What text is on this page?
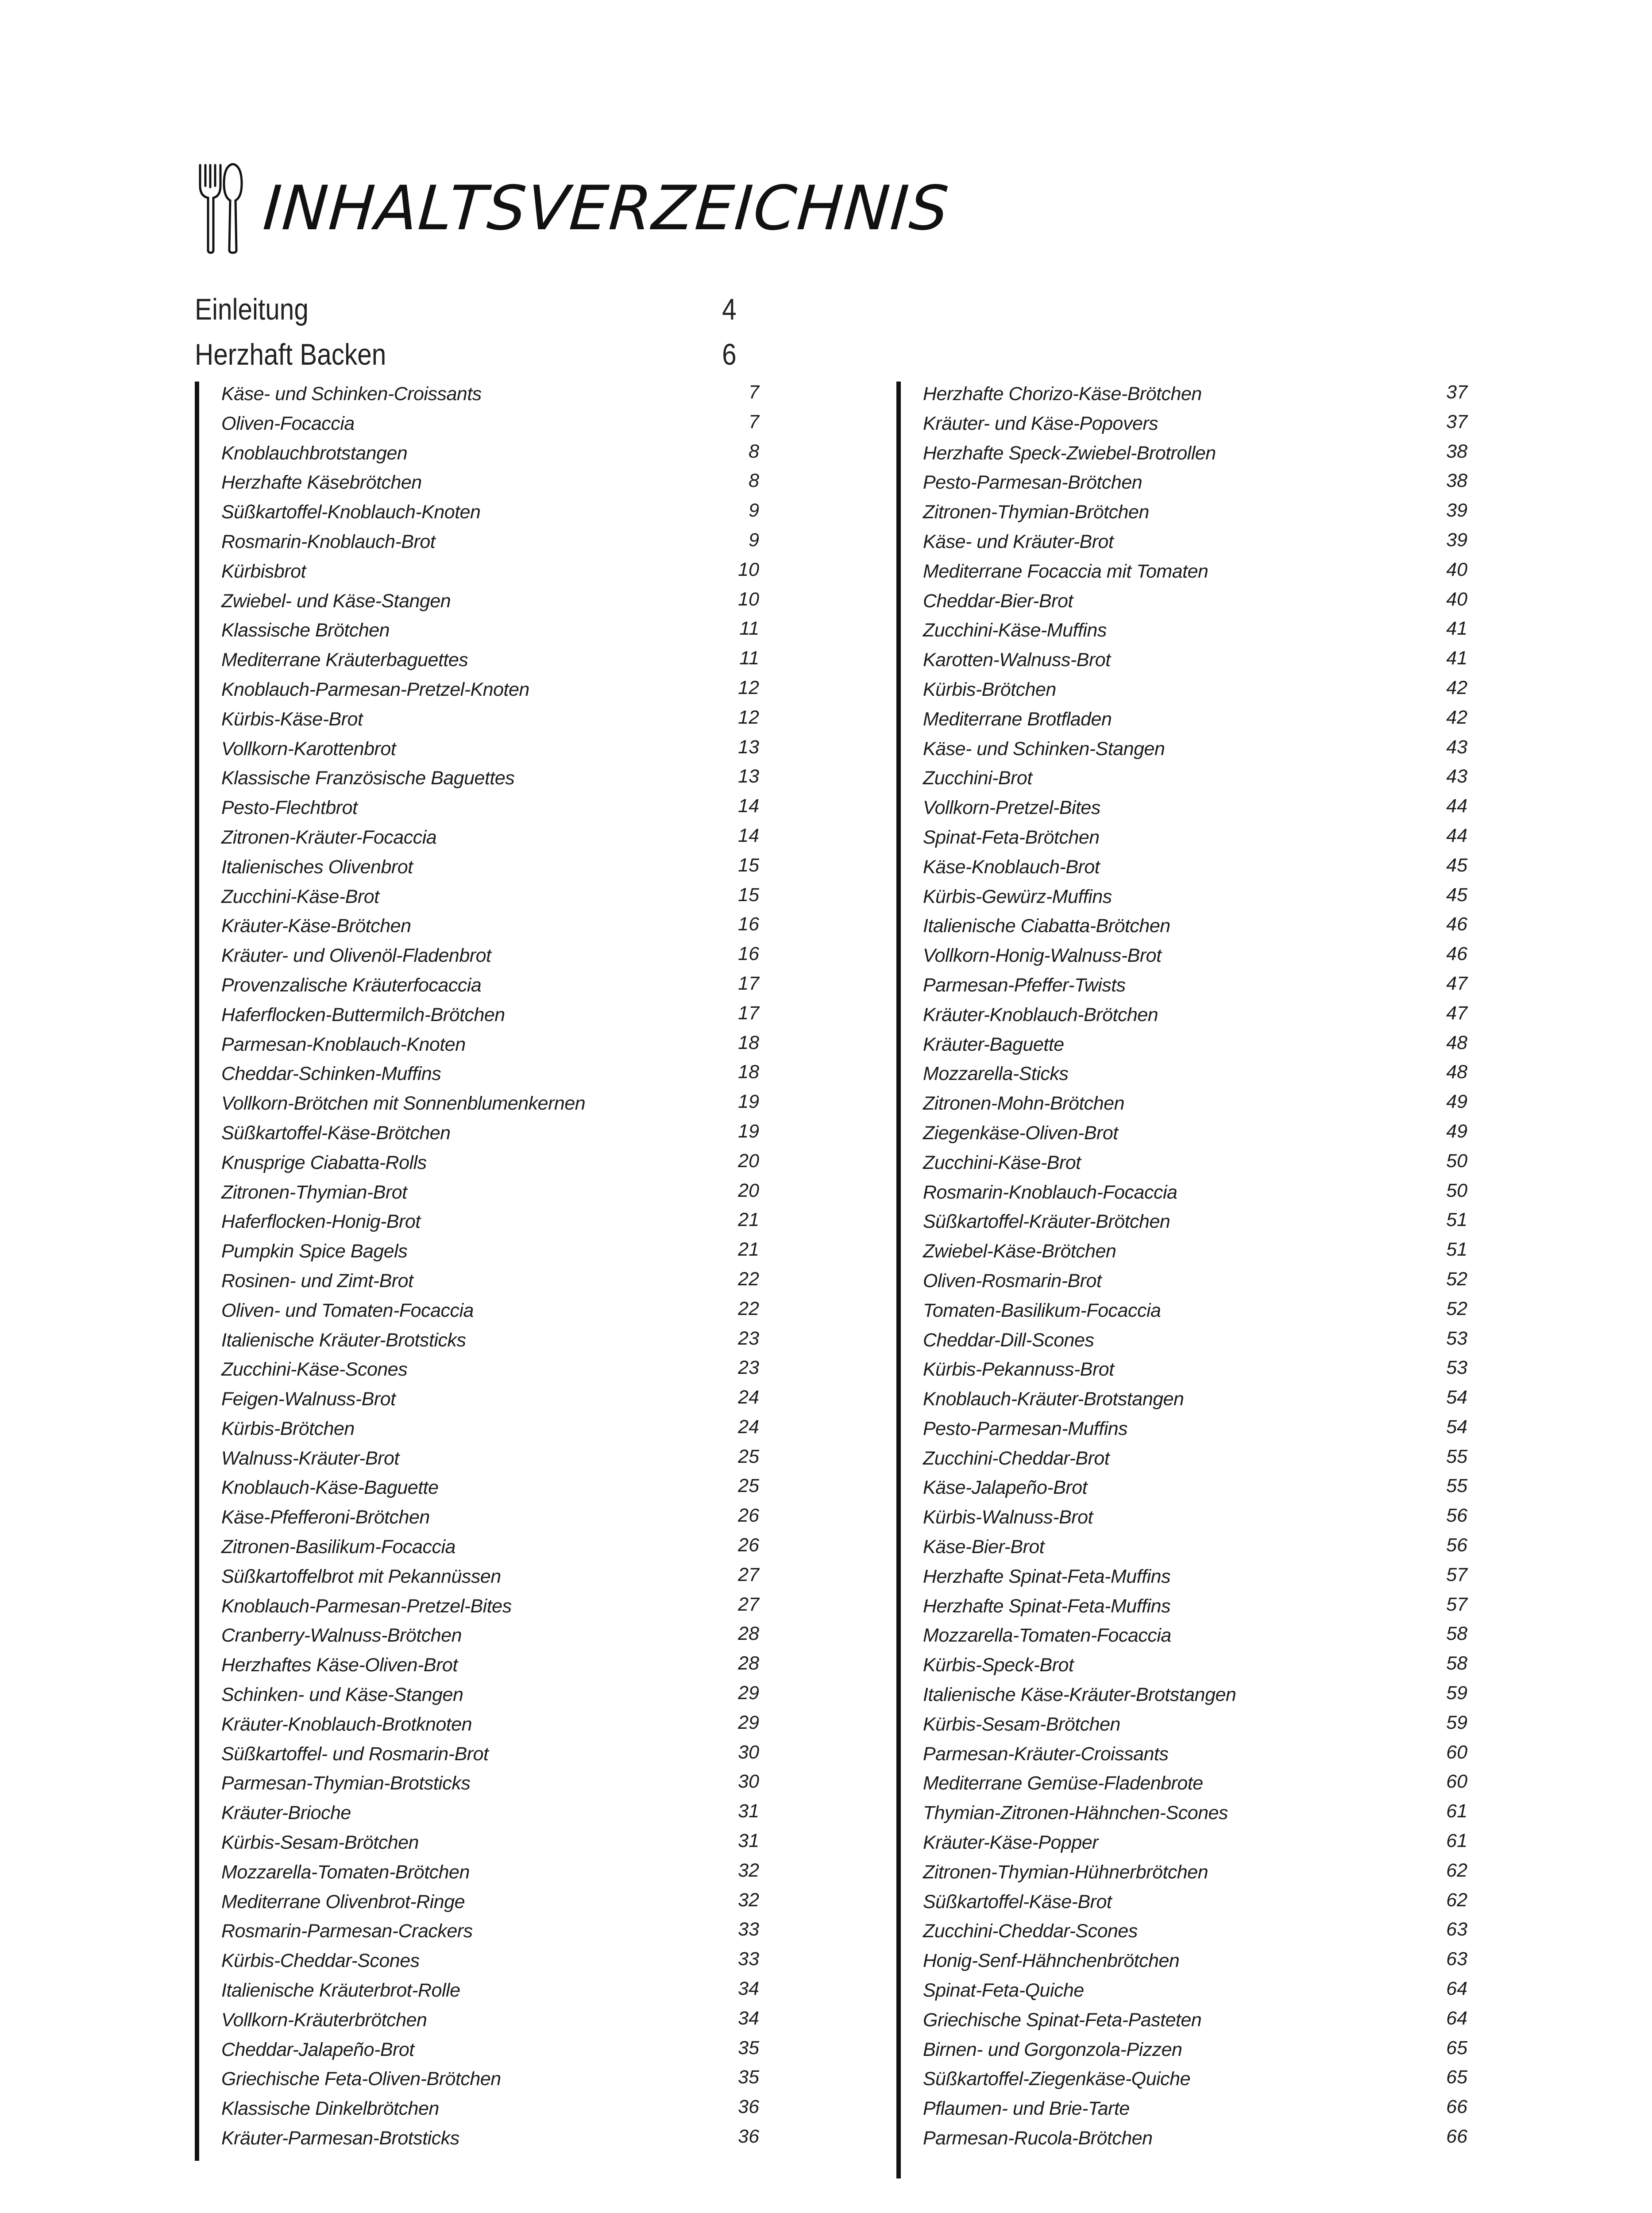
INHALTSVERZEICHNIS
Einleitung	4
Herzhaft Backen	6
Käse- und Schinken-Croissants	7
Oliven-Focaccia	7
Knoblauchbrotstangen	8
Herzhafte Käsebrötchen	8
Süßkartoffel-Knoblauch-Knoten	9
Rosmarin-Knoblauch-Brot	9
Kürbisbrot	10
Zwiebel- und Käse-Stangen	10
Klassische Brötchen	11
Mediterrane Kräuterbaguettes	11
Knoblauch-Parmesan-Pretzel-Knoten	12
Kürbis-Käse-Brot	12
Vollkorn-Karottenbrot	13
Klassische Französische Baguettes	13
Pesto-Flechtbrot	14
Zitronen-Kräuter-Focaccia	14
Italienisches Olivenbrot	15
Zucchini-Käse-Brot	15
Kräuter-Käse-Brötchen	16
Kräuter- und Olivenöl-Fladenbrot	16
Provenzalische Kräuterfocaccia	17
Haferflocken-Buttermilch-Brötchen	17
Parmesan-Knoblauch-Knoten	18
Cheddar-Schinken-Muffins	18
Vollkorn-Brötchen mit Sonnenblumenkernen	19
Süßkartoffel-Käse-Brötchen	19
Knusprige Ciabatta-Rolls	20
Zitronen-Thymian-Brot	20
Haferflocken-Honig-Brot	21
Pumpkin Spice Bagels	21
Rosinen- und Zimt-Brot	22
Oliven- und Tomaten-Focaccia	22
Italienische Kräuter-Brotsticks	23
Zucchini-Käse-Scones	23
Feigen-Walnuss-Brot	24
Kürbis-Brötchen	24
Walnuss-Kräuter-Brot	25
Knoblauch-Käse-Baguette	25
Käse-Pfefferoni-Brötchen	26
Zitronen-Basilikum-Focaccia	26
Süßkartoffelbrot mit Pekannüssen	27
Knoblauch-Parmesan-Pretzel-Bites	27
Cranberry-Walnuss-Brötchen	28
Herzhaftes Käse-Oliven-Brot	28
Schinken- und Käse-Stangen	29
Kräuter-Knoblauch-Brotknoten	29
Süßkartoffel- und Rosmarin-Brot	30
Parmesan-Thymian-Brotsticks	30
Kräuter-Brioche	31
Kürbis-Sesam-Brötchen	31
Mozzarella-Tomaten-Brötchen	32
Mediterrane Olivenbrot-Ringe	32
Rosmarin-Parmesan-Crackers	33
Kürbis-Cheddar-Scones	33
Italienische Kräuterbrot-Rolle	34
Vollkorn-Kräuterbrötchen	34
Cheddar-Jalapeño-Brot	35
Griechische Feta-Oliven-Brötchen	35
Klassische Dinkelbrötchen	36
Kräuter-Parmesan-Brotsticks	36
Herzhafte Chorizo-Käse-Brötchen	37
Kräuter- und Käse-Popovers	37
Herzhafte Speck-Zwiebel-Brotrollen	38
Pesto-Parmesan-Brötchen	38
Zitronen-Thymian-Brötchen	39
Käse- und Kräuter-Brot	39
Mediterrane Focaccia mit Tomaten	40
Cheddar-Bier-Brot	40
Zucchini-Käse-Muffins	41
Karotten-Walnuss-Brot	41
Kürbis-Brötchen	42
Mediterrane Brotfladen	42
Käse- und Schinken-Stangen	43
Zucchini-Brot	43
Vollkorn-Pretzel-Bites	44
Spinat-Feta-Brötchen	44
Käse-Knoblauch-Brot	45
Kürbis-Gewürz-Muffins	45
Italienische Ciabatta-Brötchen	46
Vollkorn-Honig-Walnuss-Brot	46
Parmesan-Pfeffer-Twists	47
Kräuter-Knoblauch-Brötchen	47
Kräuter-Baguette	48
Mozzarella-Sticks	48
Zitronen-Mohn-Brötchen	49
Ziegenkäse-Oliven-Brot	49
Zucchini-Käse-Brot	50
Rosmarin-Knoblauch-Focaccia	50
Süßkartoffel-Kräuter-Brötchen	51
Zwiebel-Käse-Brötchen	51
Oliven-Rosmarin-Brot	52
Tomaten-Basilikum-Focaccia	52
Cheddar-Dill-Scones	53
Kürbis-Pekannuss-Brot	53
Knoblauch-Kräuter-Brotstangen	54
Pesto-Parmesan-Muffins	54
Zucchini-Cheddar-Brot	55
Käse-Jalapeño-Brot	55
Kürbis-Walnuss-Brot	56
Käse-Bier-Brot	56
Herzhafte Spinat-Feta-Muffins	57
Herzhafte Spinat-Feta-Muffins	57
Mozzarella-Tomaten-Focaccia	58
Kürbis-Speck-Brot	58
Italienische Käse-Kräuter-Brotstangen	59
Kürbis-Sesam-Brötchen	59
Parmesan-Kräuter-Croissants	60
Mediterrane Gemüse-Fladenbrote	60
Thymian-Zitronen-Hähnchen-Scones	61
Kräuter-Käse-Popper	61
Zitronen-Thymian-Hühnerbrötchen	62
Süßkartoffel-Käse-Brot	62
Zucchini-Cheddar-Scones	63
Honig-Senf-Hähnchenbrötchen	63
Spinat-Feta-Quiche	64
Griechische Spinat-Feta-Pasteten	64
Birnen- und Gorgonzola-Pizzen	65
Süßkartoffel-Ziegenkäse-Quiche	65
Pflaumen- und Brie-Tarte	66
Parmesan-Rucola-Brötchen	66
